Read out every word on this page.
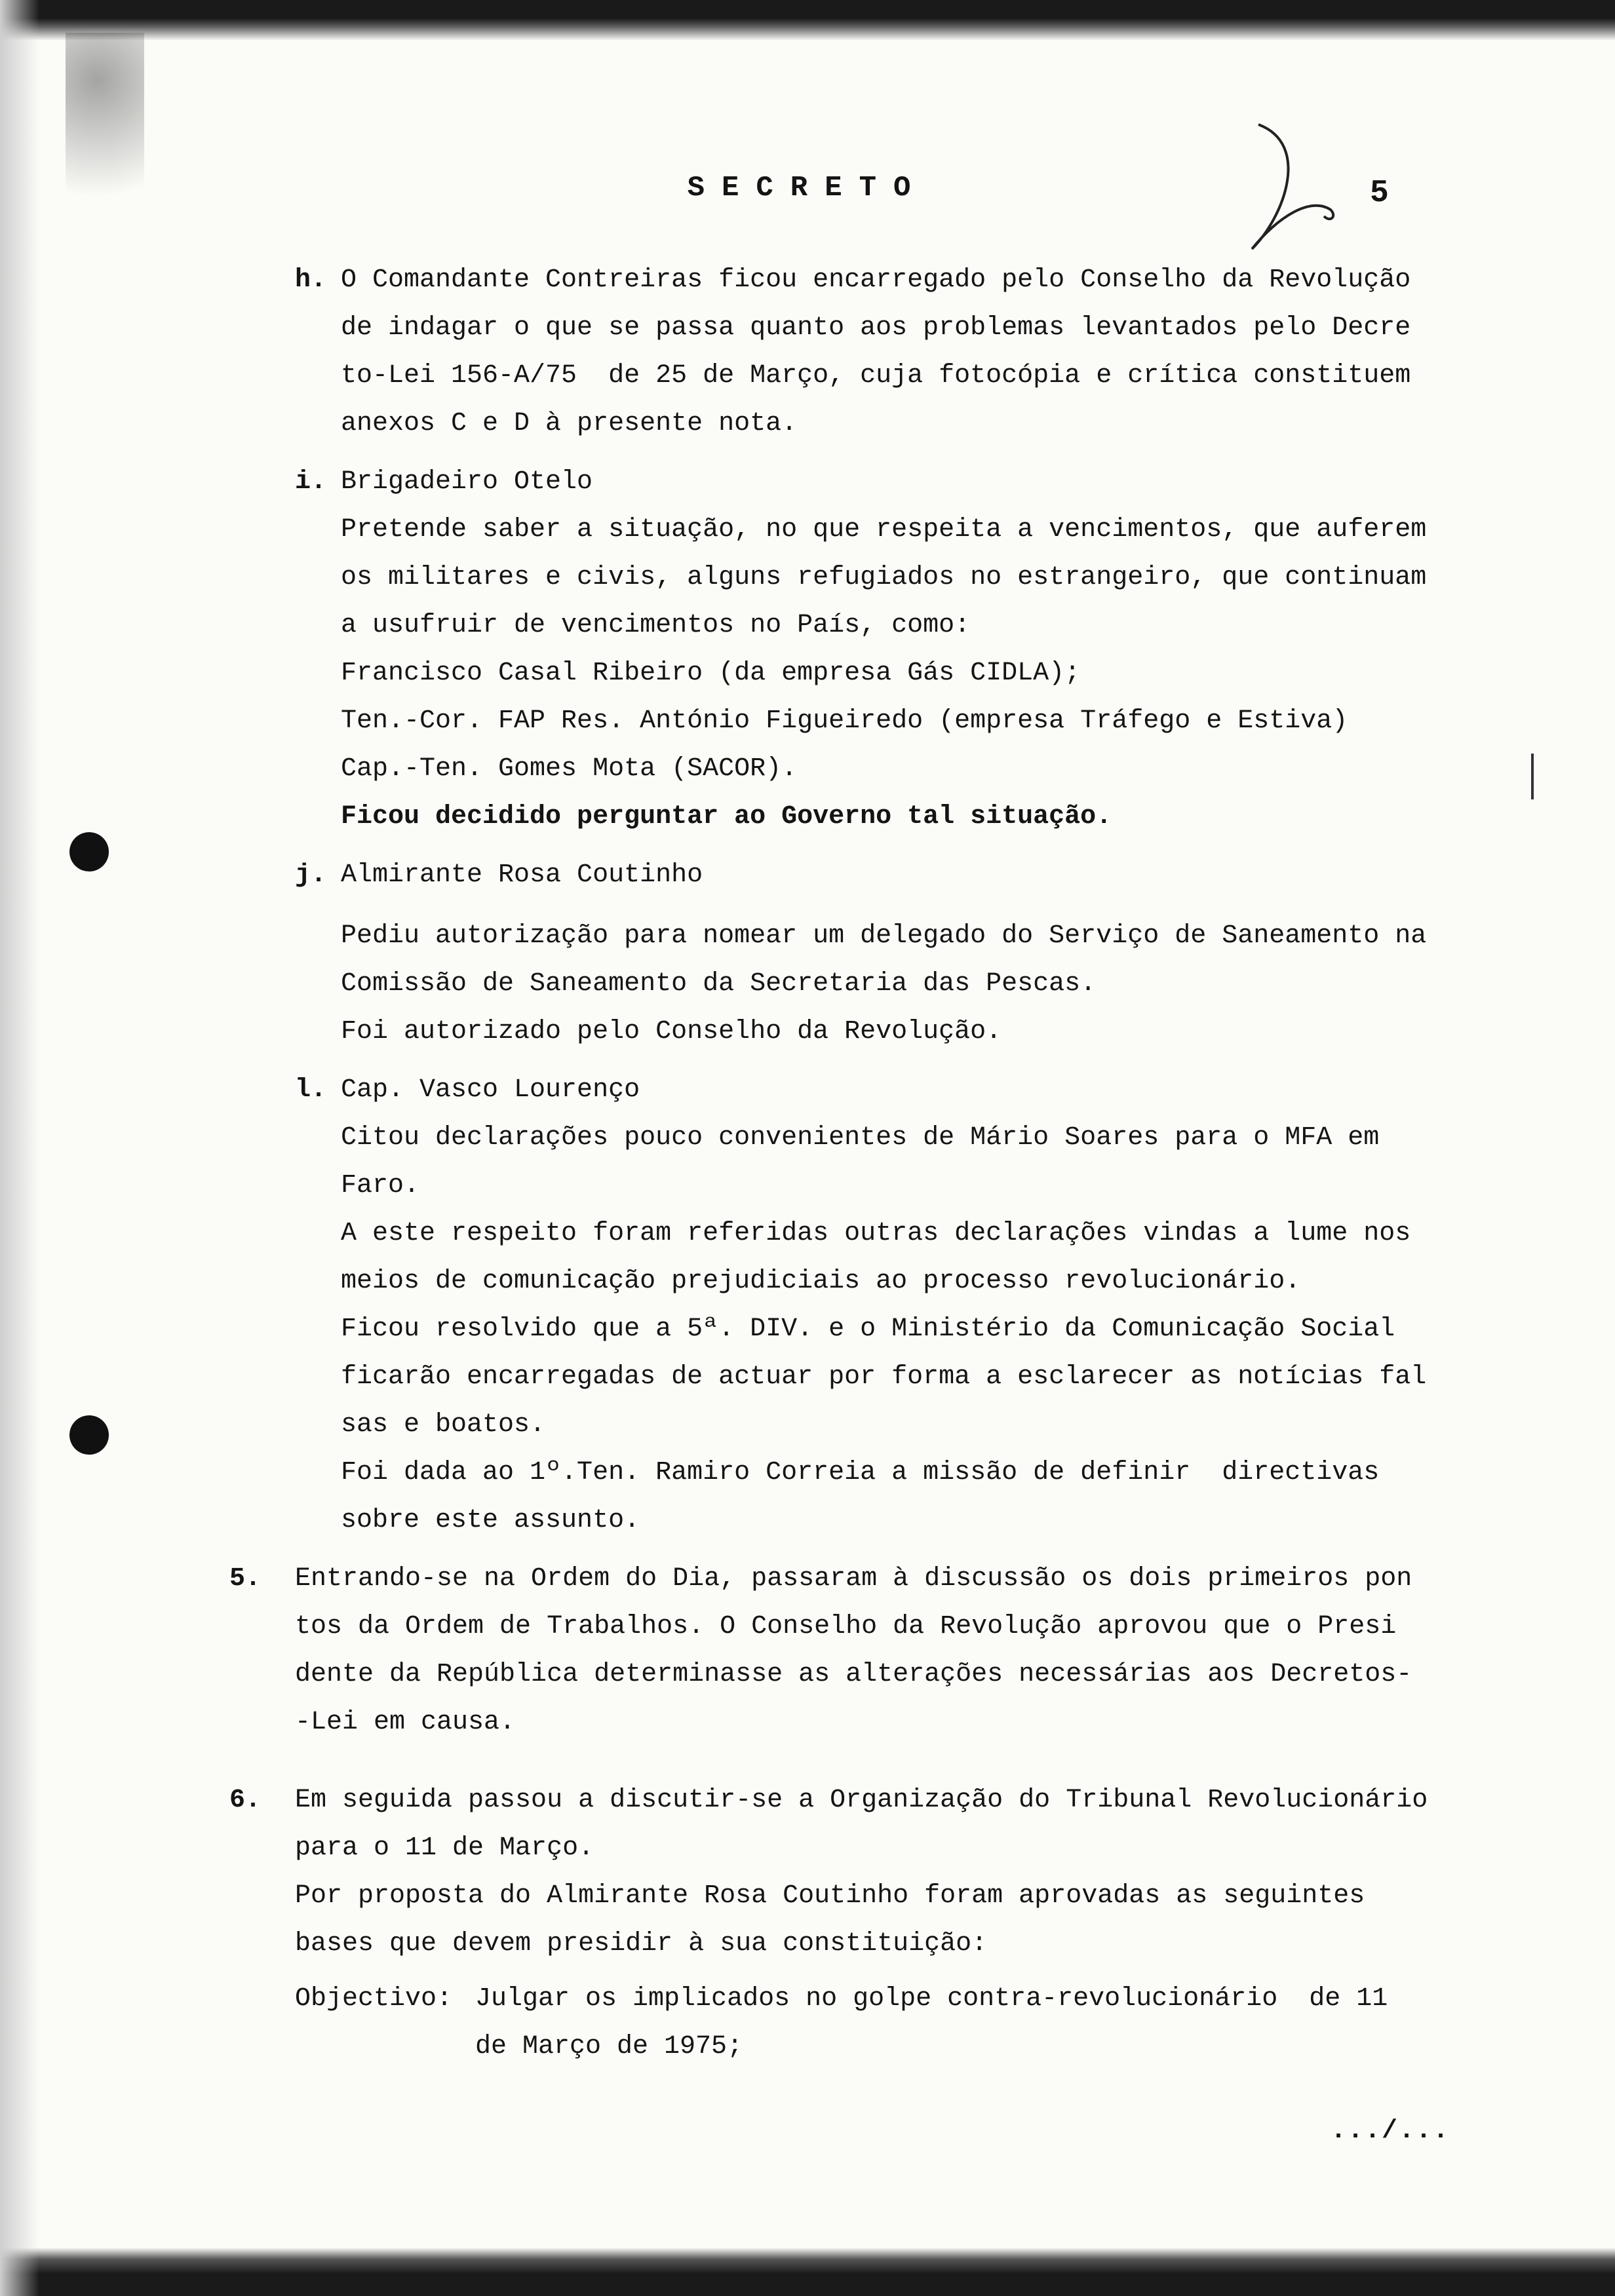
SECRETO	5
h. O Comandante Contreiras ficou encarregado pelo Conselho da Revolução
de indagar o que se passa quanto aos problemas levantados pelo Decre
to-Lei 156-A/75  de 25 de Março, cuja fotocópia e crítica constituem
anexos C e D à presente nota.
i. Brigadeiro Otelo
Pretende saber a situação, no que respeita a vencimentos, que auferem
os militares e civis, alguns refugiados no estrangeiro, que continuam
a usufruir de vencimentos no País, como:
Francisco Casal Ribeiro (da empresa Gás CIDLA);
Ten.-Cor. FAP Res. António Figueiredo (empresa Tráfego e Estiva)
Cap.-Ten. Gomes Mota (SACOR).
Ficou decidido perguntar ao Governo tal situação.
j. Almirante Rosa Coutinho
Pediu autorização para nomear um delegado do Serviço de Saneamento na
Comissão de Saneamento da Secretaria das Pescas.
Foi autorizado pelo Conselho da Revolução.
l. Cap. Vasco Lourenço
Citou declarações pouco convenientes de Mário Soares para o MFA em
Faro.
A este respeito foram referidas outras declarações vindas a lume nos
meios de comunicação prejudiciais ao processo revolucionário.
Ficou resolvido que a 5ª. DIV. e o Ministério da Comunicação Social
ficarão encarregadas de actuar por forma a esclarecer as notícias fal
sas e boatos.
Foi dada ao 1º.Ten. Ramiro Correia a missão de definir  directivas
sobre este assunto.
5. Entrando-se na Ordem do Dia, passaram à discussão os dois primeiros pon
tos da Ordem de Trabalhos. O Conselho da Revolução aprovou que o Presi
dente da República determinasse as alterações necessárias aos Decretos-
-Lei em causa.
6. Em seguida passou a discutir-se a Organização do Tribunal Revolucionário
para o 11 de Março.
Por proposta do Almirante Rosa Coutinho foram aprovadas as seguintes
bases que devem presidir à sua constituição:
Objectivo: Julgar os implicados no golpe contra-revolucionário  de 11
de Março de 1975;
.../...
